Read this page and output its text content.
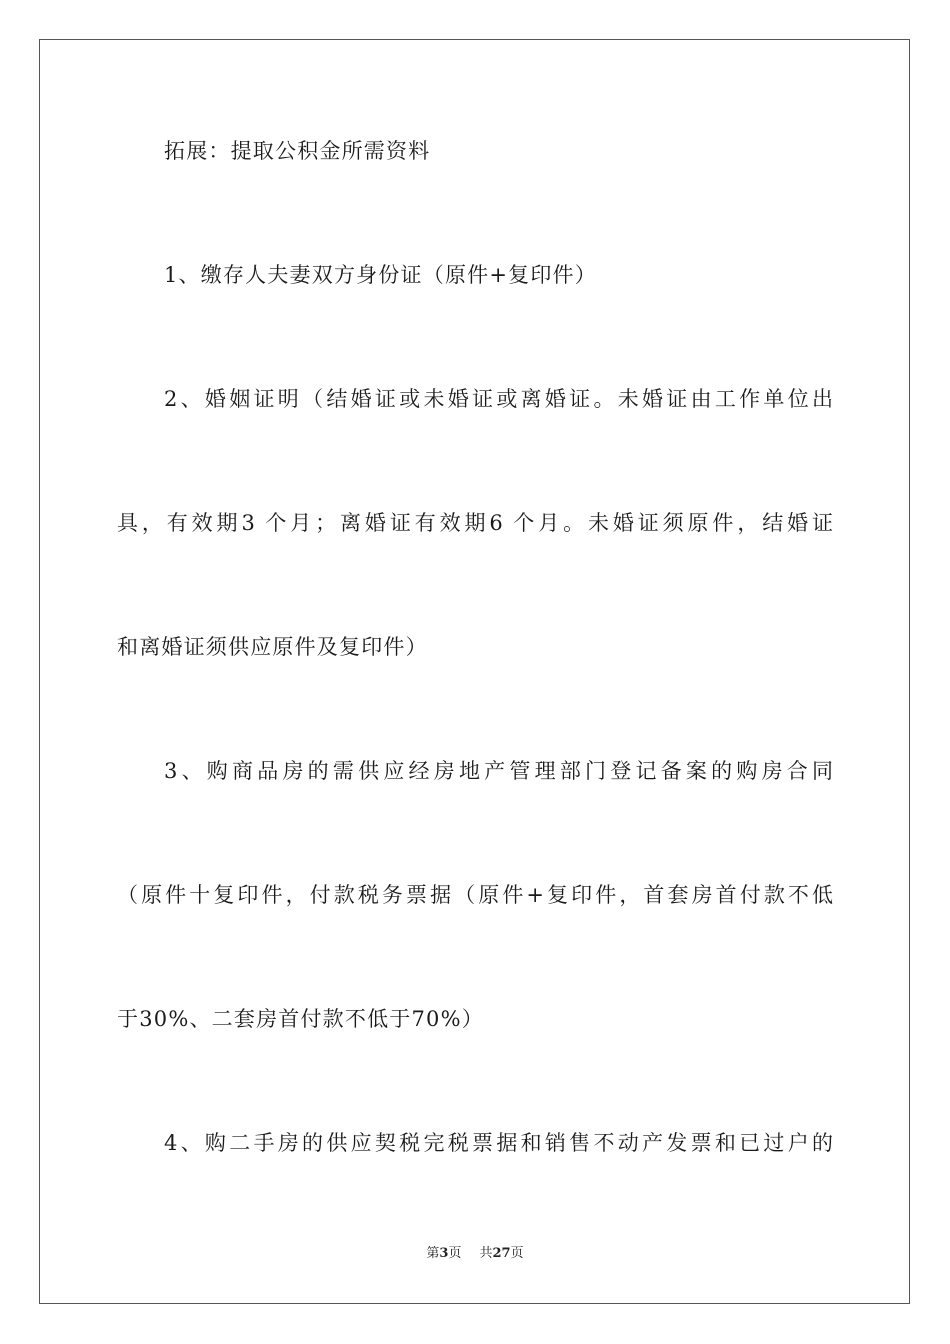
拓展：提取公积金所需资料
1、缴存人夫妻双方身份证（原件+复印件）
2、婚姻证明（结婚证或未婚证或离婚证。未婚证由工作单位出
具，有效期3 个月；离婚证有效期6 个月。未婚证须原件，结婚证
和离婚证须供应原件及复印件）
3、购商品房的需供应经房地产管理部门登记备案的购房合同
（原件十复印件，付款税务票据（原件+复印件，首套房首付款不低
于30%、二套房首付款不低于70%）
4、购二手房的供应契税完税票据和销售不动产发票和已过户的
第3页 共27页
